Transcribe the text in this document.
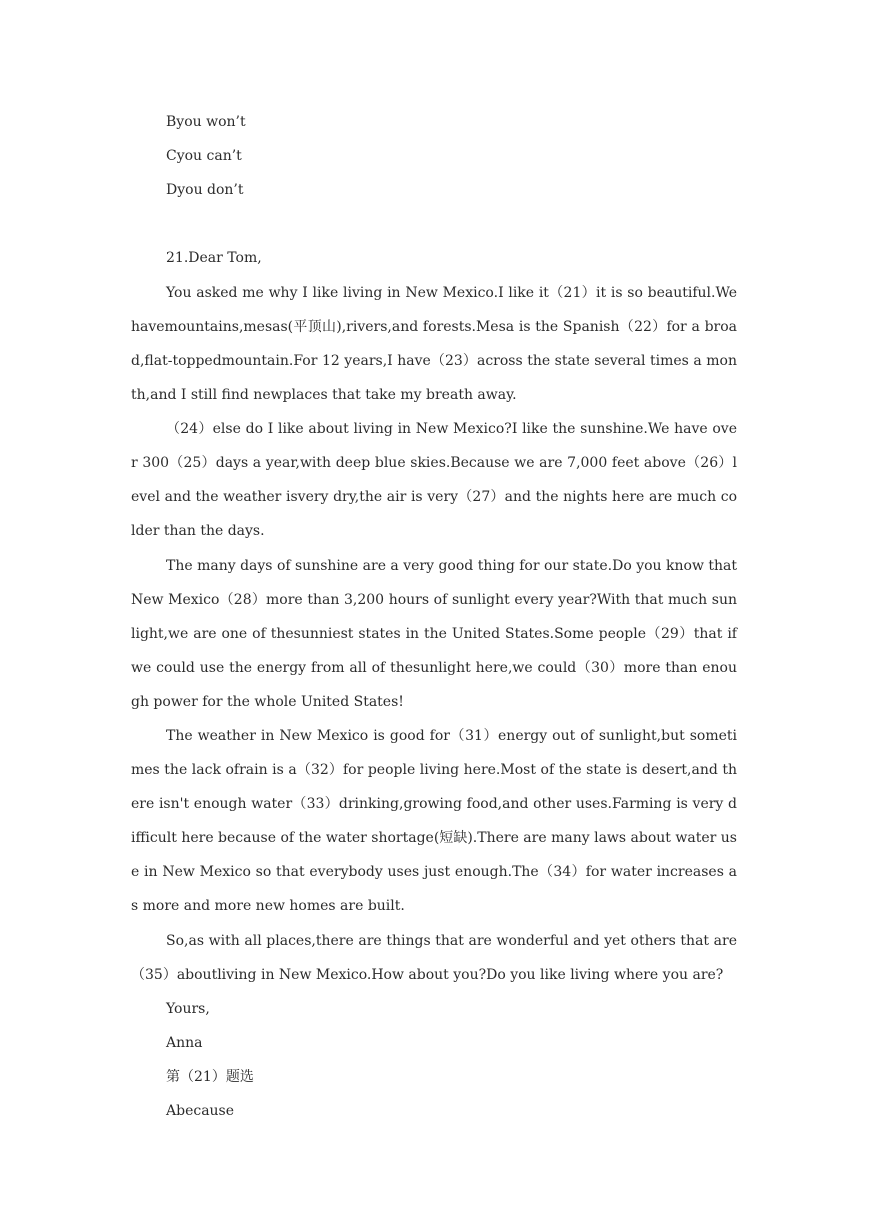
Byou won’t
Cyou can’t
Dyou don’t
21.Dear Tom,
You asked me why I like living in New Mexico.I like it（21）it is so beautiful.We havemountains,mesas(平顶山),rivers,and forests.Mesa is the Spanish（22）for a broad,flat-toppedmountain.For 12 years,I have（23）across the state several times a month,and I still find newplaces that take my breath away.
（24）else do I like about living in New Mexico?I like the sunshine.We have over 300（25）days a year,with deep blue skies.Because we are 7,000 feet above（26）level and the weather isvery dry,the air is very（27）and the nights here are much colder than the days.
The many days of sunshine are a very good thing for our state.Do you know that New Mexico（28）more than 3,200 hours of sunlight every year?With that much sunlight,we are one of thesunniest states in the United States.Some people（29）that if we could use the energy from all of thesunlight here,we could（30）more than enough power for the whole United States!
The weather in New Mexico is good for（31）energy out of sunlight,but sometimes the lack ofrain is a（32）for people living here.Most of the state is desert,and there isn't enough water（33）drinking,growing food,and other uses.Farming is very difficult here because of the water shortage(短缺).There are many laws about water use in New Mexico so that everybody uses just enough.The（34）for water increases as more and more new homes are built.
So,as with all places,there are things that are wonderful and yet others that are（35）aboutliving in New Mexico.How about you?Do you like living where you are?
Yours,
Anna
第（21）题选
Abecause
